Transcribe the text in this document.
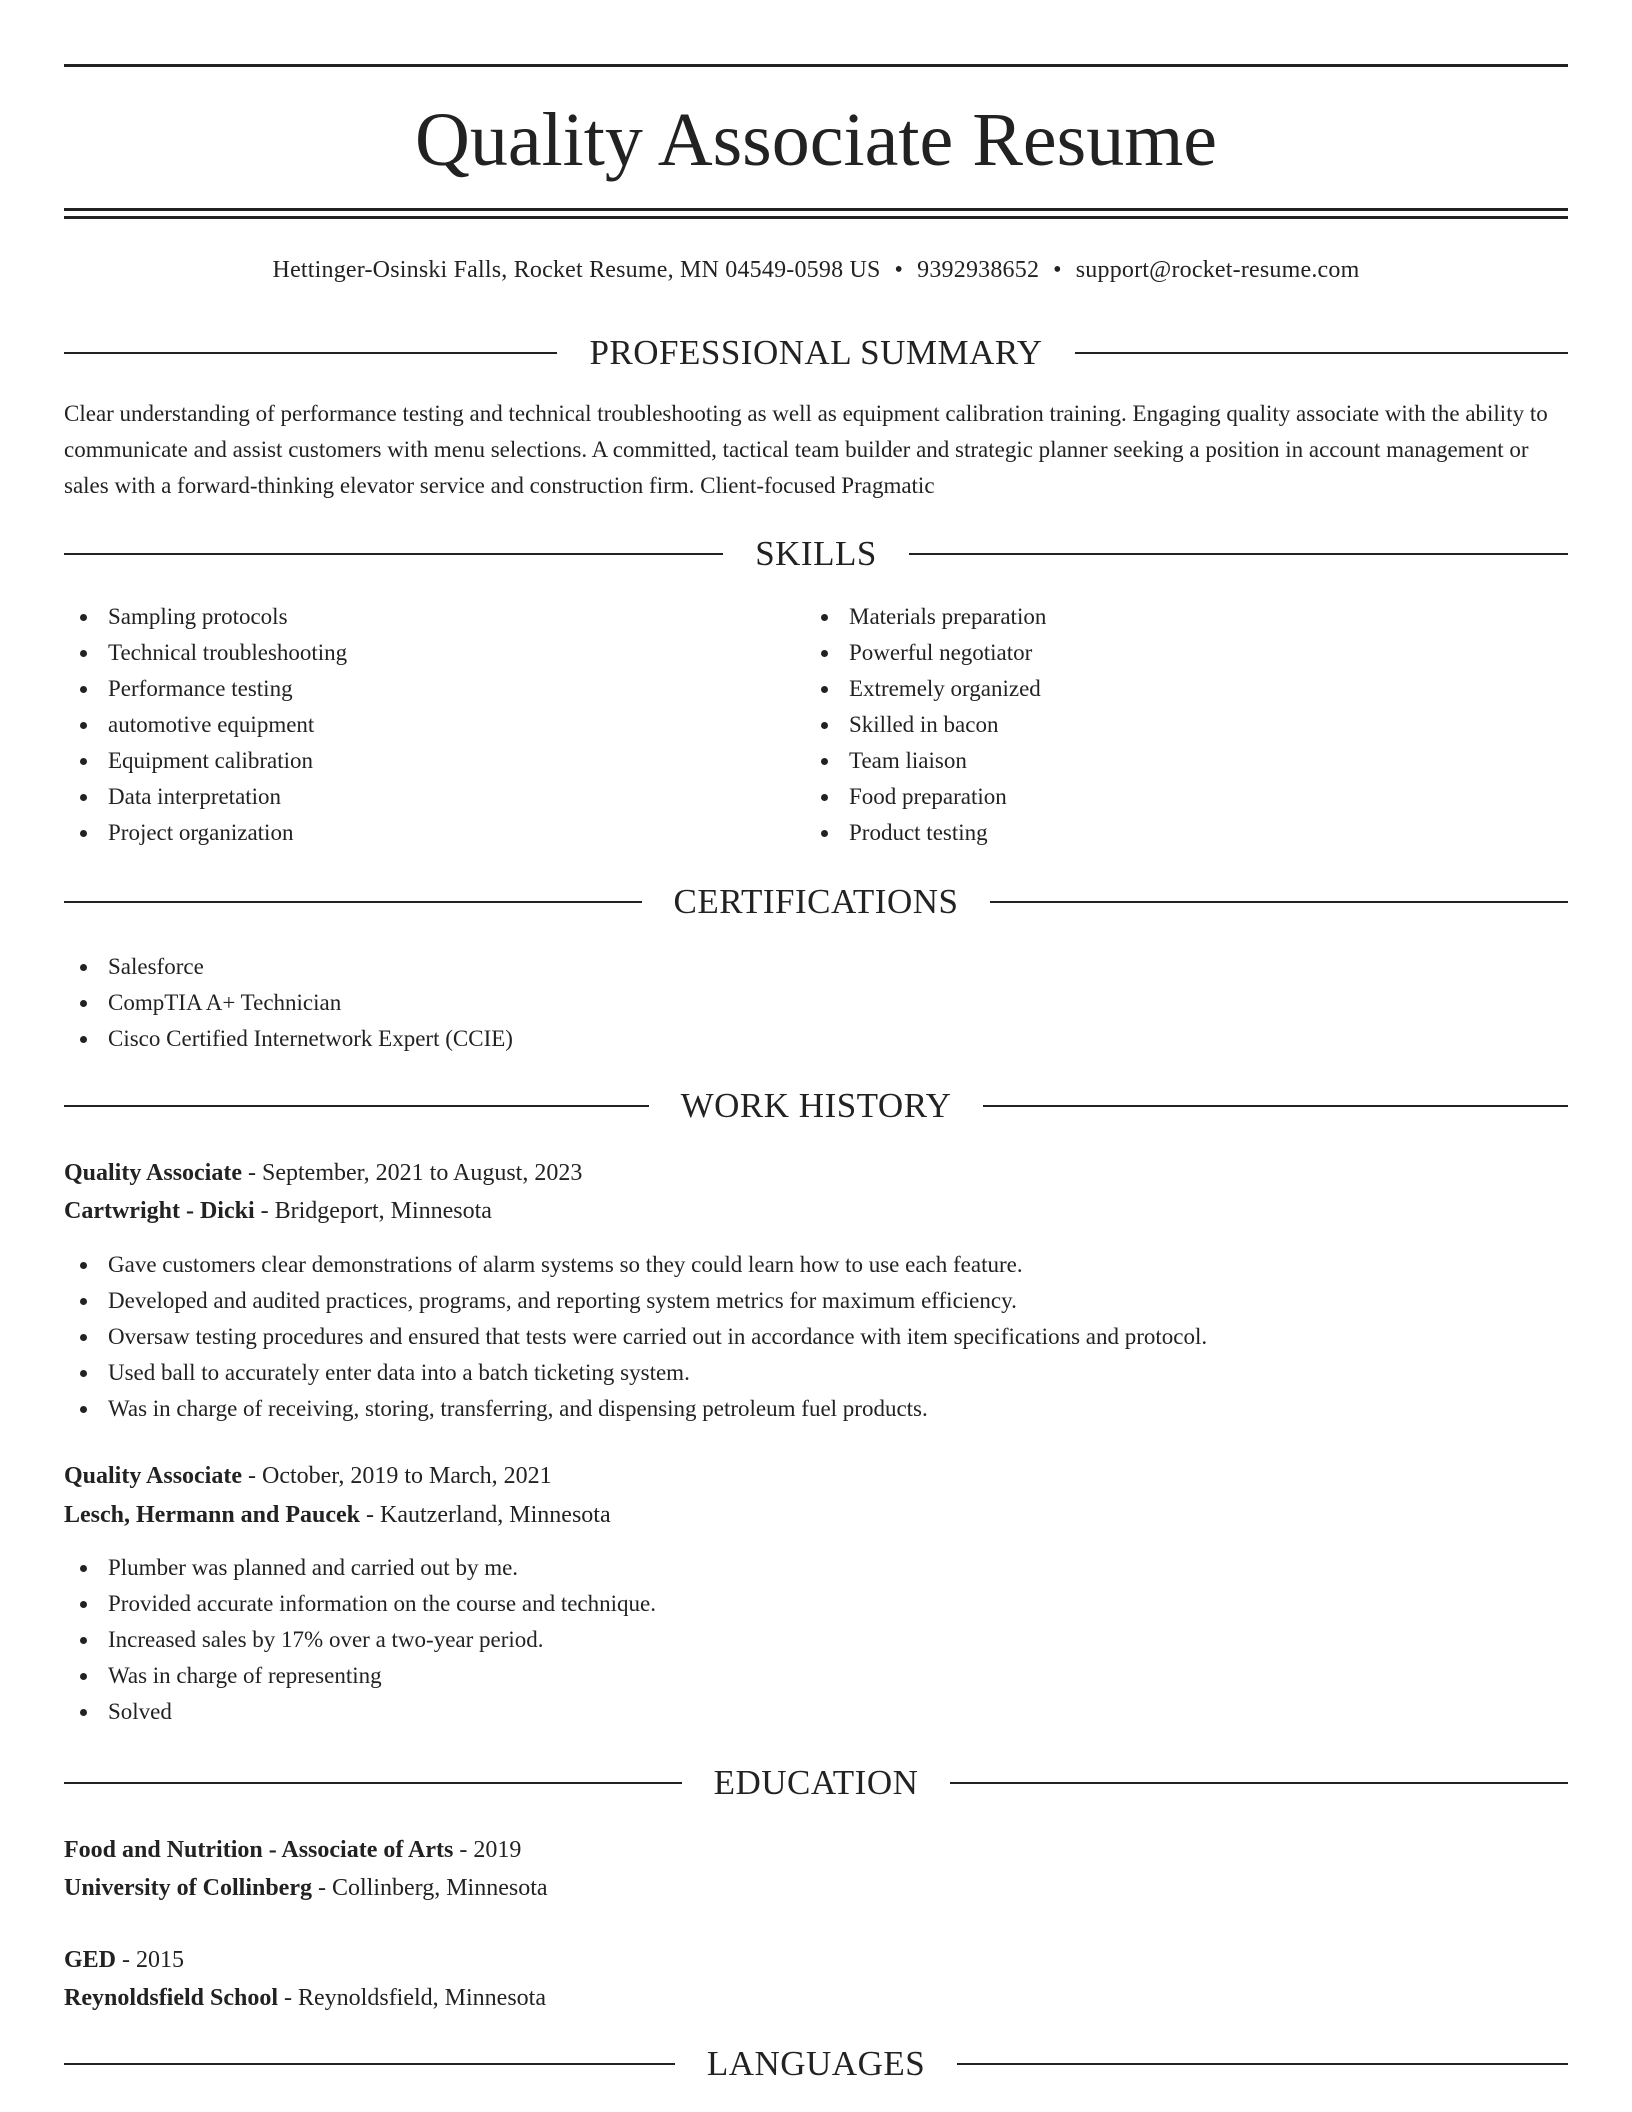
Quality Associate Resume
Hettinger-Osinski Falls, Rocket Resume, MN 04549-0598 US • 9392938652 • support@rocket-resume.com
PROFESSIONAL SUMMARY
Clear understanding of performance testing and technical troubleshooting as well as equipment calibration training. Engaging quality associate with the ability to communicate and assist customers with menu selections. A committed, tactical team builder and strategic planner seeking a position in account management or sales with a forward-thinking elevator service and construction firm. Client-focused Pragmatic
SKILLS
Sampling protocols
Technical troubleshooting
Performance testing
automotive equipment
Equipment calibration
Data interpretation
Project organization
Materials preparation
Powerful negotiator
Extremely organized
Skilled in bacon
Team liaison
Food preparation
Product testing
CERTIFICATIONS
Salesforce
CompTIA A+ Technician
Cisco Certified Internetwork Expert (CCIE)
WORK HISTORY
Quality Associate - September, 2021 to August, 2023
Cartwright - Dicki - Bridgeport, Minnesota
Gave customers clear demonstrations of alarm systems so they could learn how to use each feature.
Developed and audited practices, programs, and reporting system metrics for maximum efficiency.
Oversaw testing procedures and ensured that tests were carried out in accordance with item specifications and protocol.
Used ball to accurately enter data into a batch ticketing system.
Was in charge of receiving, storing, transferring, and dispensing petroleum fuel products.
Quality Associate - October, 2019 to March, 2021
Lesch, Hermann and Paucek - Kautzerland, Minnesota
Plumber was planned and carried out by me.
Provided accurate information on the course and technique.
Increased sales by 17% over a two-year period.
Was in charge of representing
Solved
EDUCATION
Food and Nutrition - Associate of Arts - 2019
University of Collinberg - Collinberg, Minnesota
GED - 2015
Reynoldsfield School - Reynoldsfield, Minnesota
LANGUAGES
